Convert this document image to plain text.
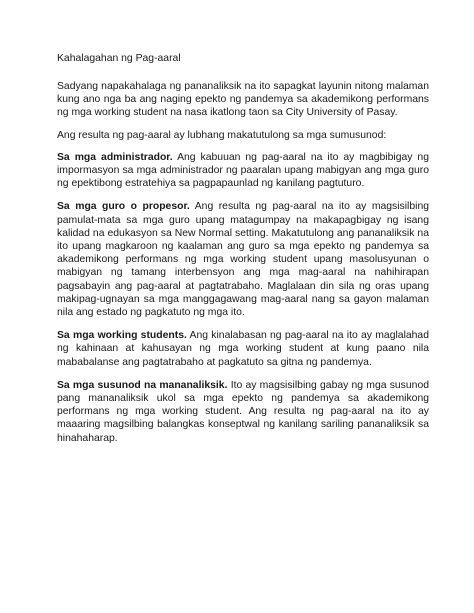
Kahalagahan ng Pag-aaral

Sadyang napakahalaga ng pananaliksik na ito sapagkat layunin nitong malaman kung ano nga ba ang naging epekto ng pandemya sa akademikong performans ng mga working student na nasa ikatlong taon sa City University of Pasay.

Ang resulta ng pag-aaral ay lubhang makatutulong sa mga sumusunod:

Sa mga administrador. Ang kabuuan ng pag-aaral na ito ay magbibigay ng impormasyon sa mga administrador ng paaralan upang mabigyan ang mga guro ng epektibong estratehiya sa pagpapaunlad ng kanilang pagtuturo.

Sa mga guro o propesor. Ang resulta ng pag-aaral na ito ay magsisilbing pamulat-mata sa mga guro upang matagumpay na makapagbigay ng isang kalidad na edukasyon sa New Normal setting. Makatutulong ang pananaliksik na ito upang magkaroon ng kaalaman ang guro sa mga epekto ng pandemya sa akademikong performans ng mga working student upang masolusyunan o mabigyan ng tamang interbensyon ang mga mag-aaral na nahihirapan pagsabayin ang pag-aaral at pagtatrabaho. Maglalaan din sila ng oras upang makipag-ugnayan sa mga manggagawang mag-aaral nang sa gayon malaman nila ang estado ng pagkatuto ng mga ito.

Sa mga working students. Ang kinalabasan ng pag-aaral na ito ay maglalahad ng kahinaan at kahusayan ng mga working student at kung paano nila mababalanse ang pagtatrabaho at pagkatuto sa gitna ng pandemya.

Sa mga susunod na mananaliksik. Ito ay magsisilbing gabay ng mga susunod pang mananaliksik ukol sa mga epekto ng pandemya sa akademikong performans ng mga working student. Ang resulta ng pag-aaral na ito ay maaaring magsilbing balangkas konseptwal ng kanilang sariling pananaliksik sa hinahaharap.
